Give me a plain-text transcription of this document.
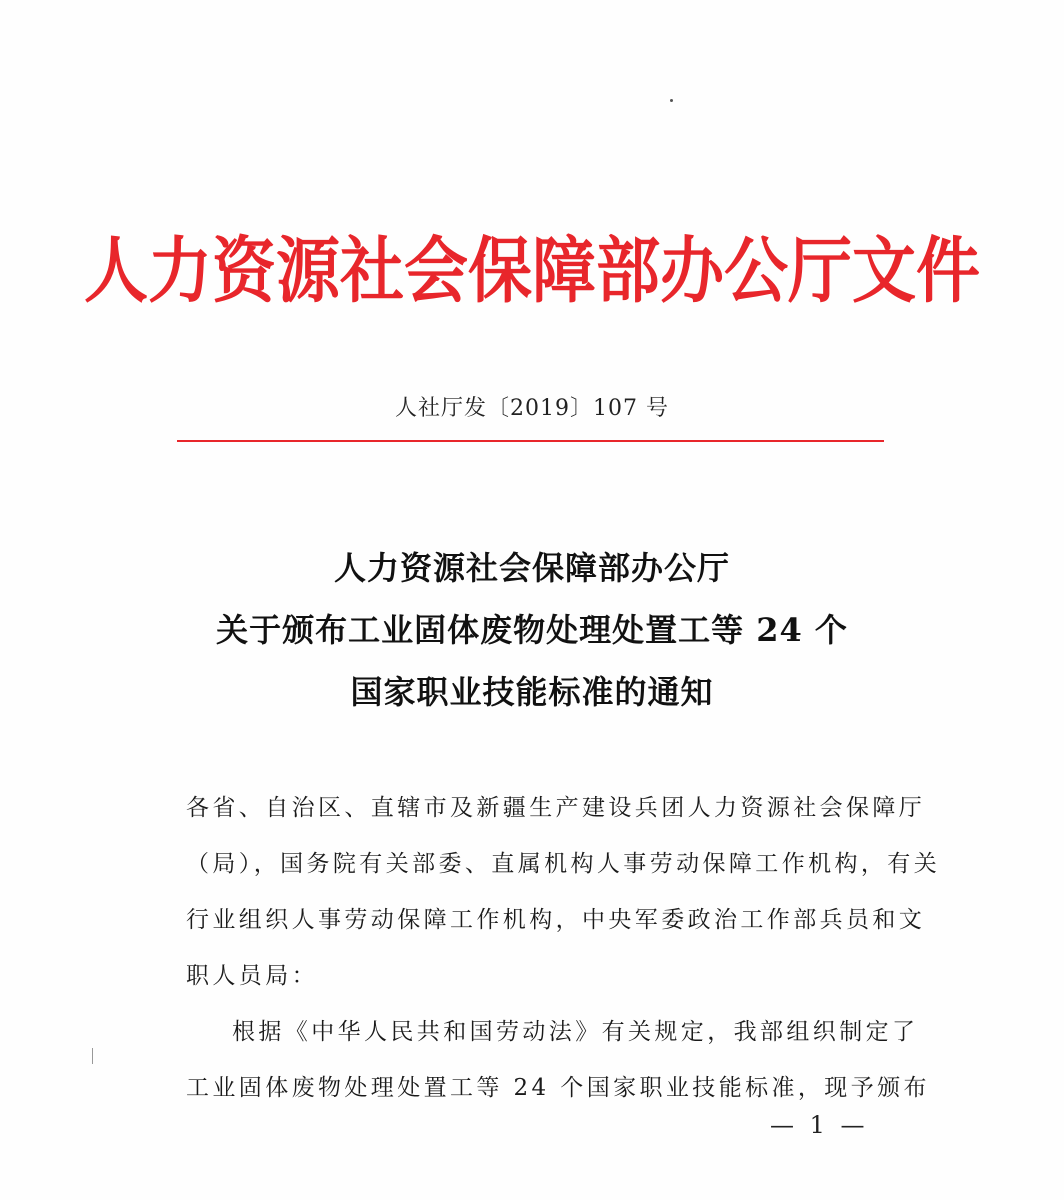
人力资源社会保障部办公厅文件
人社厅发〔2019〕107 号
人力资源社会保障部办公厅
关于颁布工业固体废物处理处置工等 24 个
国家职业技能标准的通知
各省、自治区、直辖市及新疆生产建设兵团人力资源社会保障厅
（局），国务院有关部委、直属机构人事劳动保障工作机构，有关
行业组织人事劳动保障工作机构，中央军委政治工作部兵员和文
职人员局：
根据《中华人民共和国劳动法》有关规定，我部组织制定了
工业固体废物处理处置工等 24 个国家职业技能标准，现予颁布
— 1 —
